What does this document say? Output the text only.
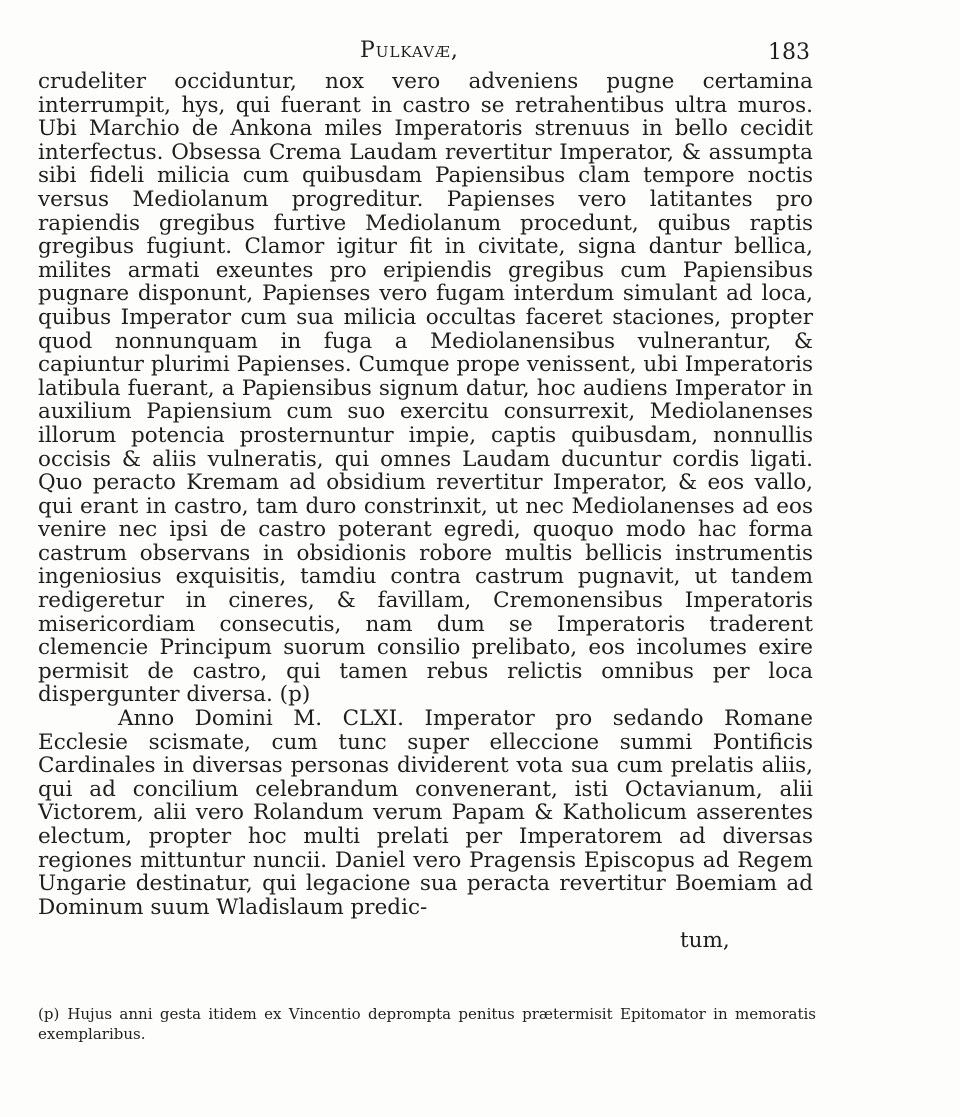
Pulkavæ,	183

crudeliter occiduntur, nox vero adveniens pugne certamina interrumpit, hys, qui fuerant in castro se retrahentibus ultra muros. Ubi Marchio de Ankona miles Imperatoris strenuus in bello cecidit interfectus. Obsessa Crema Laudam revertitur Imperator, & assumpta sibi fideli milicia cum quibusdam Papiensibus clam tempore noctis versus Mediolanum progreditur. Papienses vero latitantes pro rapiendis gregibus furtive Mediolanum procedunt, quibus raptis gregibus fugiunt. Clamor igitur fit in civitate, signa dantur bellica, milites armati exeuntes pro eripiendis gregibus cum Papiensibus pugnare disponunt, Papienses vero fugam interdum simulant ad loca, quibus Imperator cum sua milicia occultas faceret staciones, propter quod nonnunquam in fuga a Mediolanensibus vulnerantur, & capiuntur plurimi Papienses. Cumque prope venissent, ubi Imperatoris latibula fuerant, a Papiensibus signum datur, hoc audiens Imperator in auxilium Papiensium cum suo exercitu consurrexit, Mediolanenses illorum potencia prosternuntur impie, captis quibusdam, nonnullis occisis & aliis vulneratis, qui omnes Laudam ducuntur cordis ligati. Quo peracto Kremam ad obsidium revertitur Imperator, & eos vallo, qui erant in castro, tam duro constrinxit, ut nec Mediolanenses ad eos venire nec ipsi de castro poterant egredi, quoquo modo hac forma castrum observans in obsidionis robore multis bellicis instrumentis ingeniosius exquisitis, tamdiu contra castrum pugnavit, ut tandem redigeretur in cineres, & favillam, Cremonensibus Imperatoris misericordiam consecutis, nam dum se Imperatoris traderent clemencie Principum suorum consilio prelibato, eos incolumes exire permisit de castro, qui tamen rebus relictis omnibus per loca dispergunter diversa. (p)

Anno Domini M. CLXI. Imperator pro sedando Romane Ecclesie scismate, cum tunc super elleccione summi Pontificis Cardinales in diversas personas dividerent vota sua cum prelatis aliis, qui ad concilium celebrandum convenerant, isti Octavianum, alii Victorem, alii vero Rolandum verum Papam & Katholicum asserentes electum, propter hoc multi prelati per Imperatorem ad diversas regiones mittuntur nuncii. Daniel vero Pragensis Episcopus ad Regem Ungarie destinatur, qui legacione sua peracta revertitur Boemiam ad Dominum suum Wladislaum predic-

tum,
(p) Hujus anni gesta itidem ex Vincentio deprompta penitus prætermisit Epitomator in memoratis exemplaribus.
